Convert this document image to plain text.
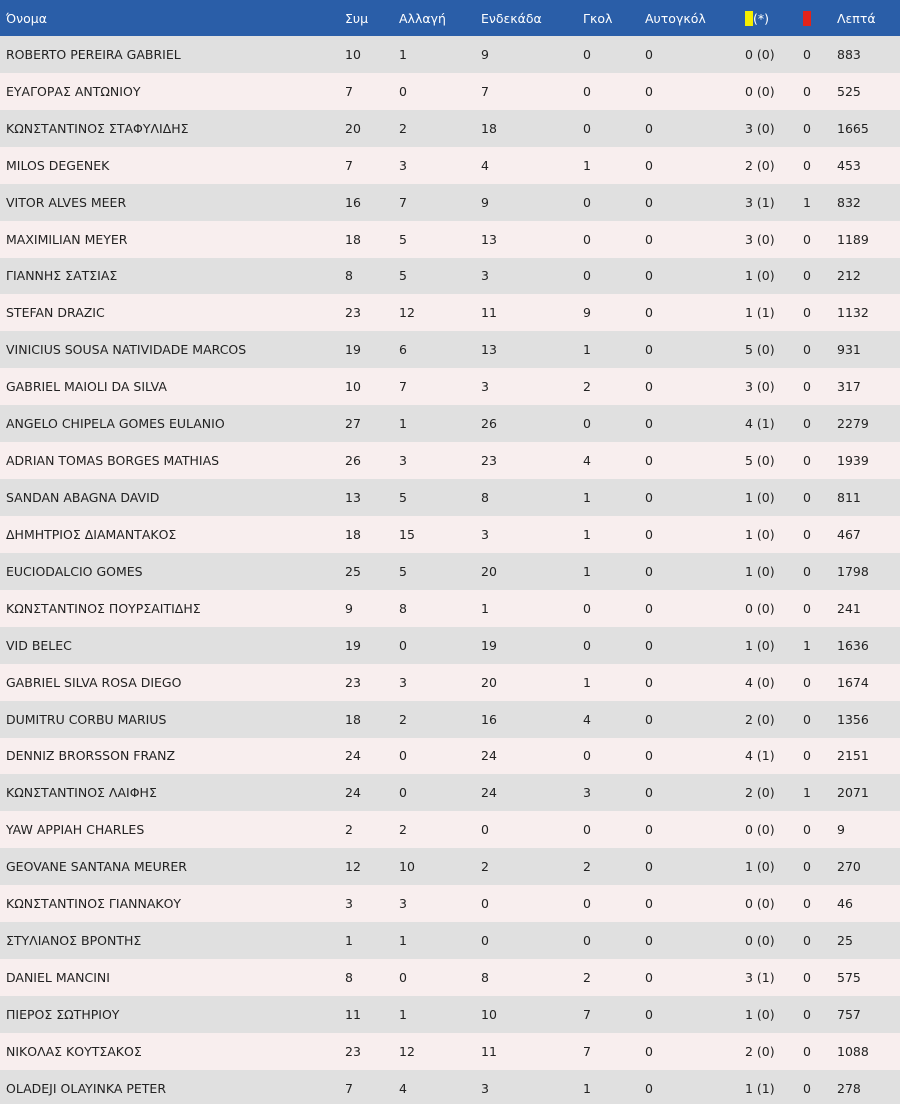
Όνομα	Συμ	Αλλαγή	Ενδεκάδα	Γκολ	Αυτογκόλ	(*)		Λεπτά
ROBERTO PEREIRA GABRIEL	10	1	9	0	0	0 (0)	0	883
ΕΥΑΓΟΡΑΣ ΑΝΤΩΝΙΟΥ	7	0	7	0	0	0 (0)	0	525
ΚΩΝΣΤΑΝΤΙΝΟΣ ΣΤΑΦΥΛΙΔΗΣ	20	2	18	0	0	3 (0)	0	1665
MILOS DEGENEK	7	3	4	1	0	2 (0)	0	453
VITOR ALVES MEER	16	7	9	0	0	3 (1)	1	832
MAXIMILIAN MEYER	18	5	13	0	0	3 (0)	0	1189
ΓΙΑΝΝΗΣ ΣΑΤΣΙΑΣ	8	5	3	0	0	1 (0)	0	212
STEFAN DRAZIC	23	12	11	9	0	1 (1)	0	1132
VINICIUS SOUSA NATIVIDADE MARCOS	19	6	13	1	0	5 (0)	0	931
GABRIEL MAIOLI DA SILVA	10	7	3	2	0	3 (0)	0	317
ANGELO CHIPELA GOMES EULANIO	27	1	26	0	0	4 (1)	0	2279
ADRIAN TOMAS BORGES MATHIAS	26	3	23	4	0	5 (0)	0	1939
SANDAN ABAGNA DAVID	13	5	8	1	0	1 (0)	0	811
ΔΗΜΗΤΡΙΟΣ ΔΙΑΜΑΝΤΑΚΟΣ	18	15	3	1	0	1 (0)	0	467
EUCIODALCIO GOMES	25	5	20	1	0	1 (0)	0	1798
ΚΩΝΣΤΑΝΤΙΝΟΣ ΠΟΥΡΣΑΙΤΙΔΗΣ	9	8	1	0	0	0 (0)	0	241
VID BELEC	19	0	19	0	0	1 (0)	1	1636
GABRIEL SILVA ROSA DIEGO	23	3	20	1	0	4 (0)	0	1674
DUMITRU CORBU MARIUS	18	2	16	4	0	2 (0)	0	1356
DENNIZ BRORSSON FRANZ	24	0	24	0	0	4 (1)	0	2151
ΚΩΝΣΤΑΝΤΙΝΟΣ ΛΑΙΦΗΣ	24	0	24	3	0	2 (0)	1	2071
YAW APPIAH CHARLES	2	2	0	0	0	0 (0)	0	9
GEOVANE SANTANA MEURER	12	10	2	2	0	1 (0)	0	270
ΚΩΝΣΤΑΝΤΙΝΟΣ ΓΙΑΝΝΑΚΟΥ	3	3	0	0	0	0 (0)	0	46
ΣΤΥΛΙΑΝΟΣ ΒΡΟΝΤΗΣ	1	1	0	0	0	0 (0)	0	25
DANIEL MANCINI	8	0	8	2	0	3 (1)	0	575
ΠΙΕΡΟΣ ΣΩΤΗΡΙΟΥ	11	1	10	7	0	1 (0)	0	757
ΝΙΚΟΛΑΣ ΚΟΥΤΣΑΚΟΣ	23	12	11	7	0	2 (0)	0	1088
OLADEJI OLAYINKA PETER	7	4	3	1	0	1 (1)	0	278
